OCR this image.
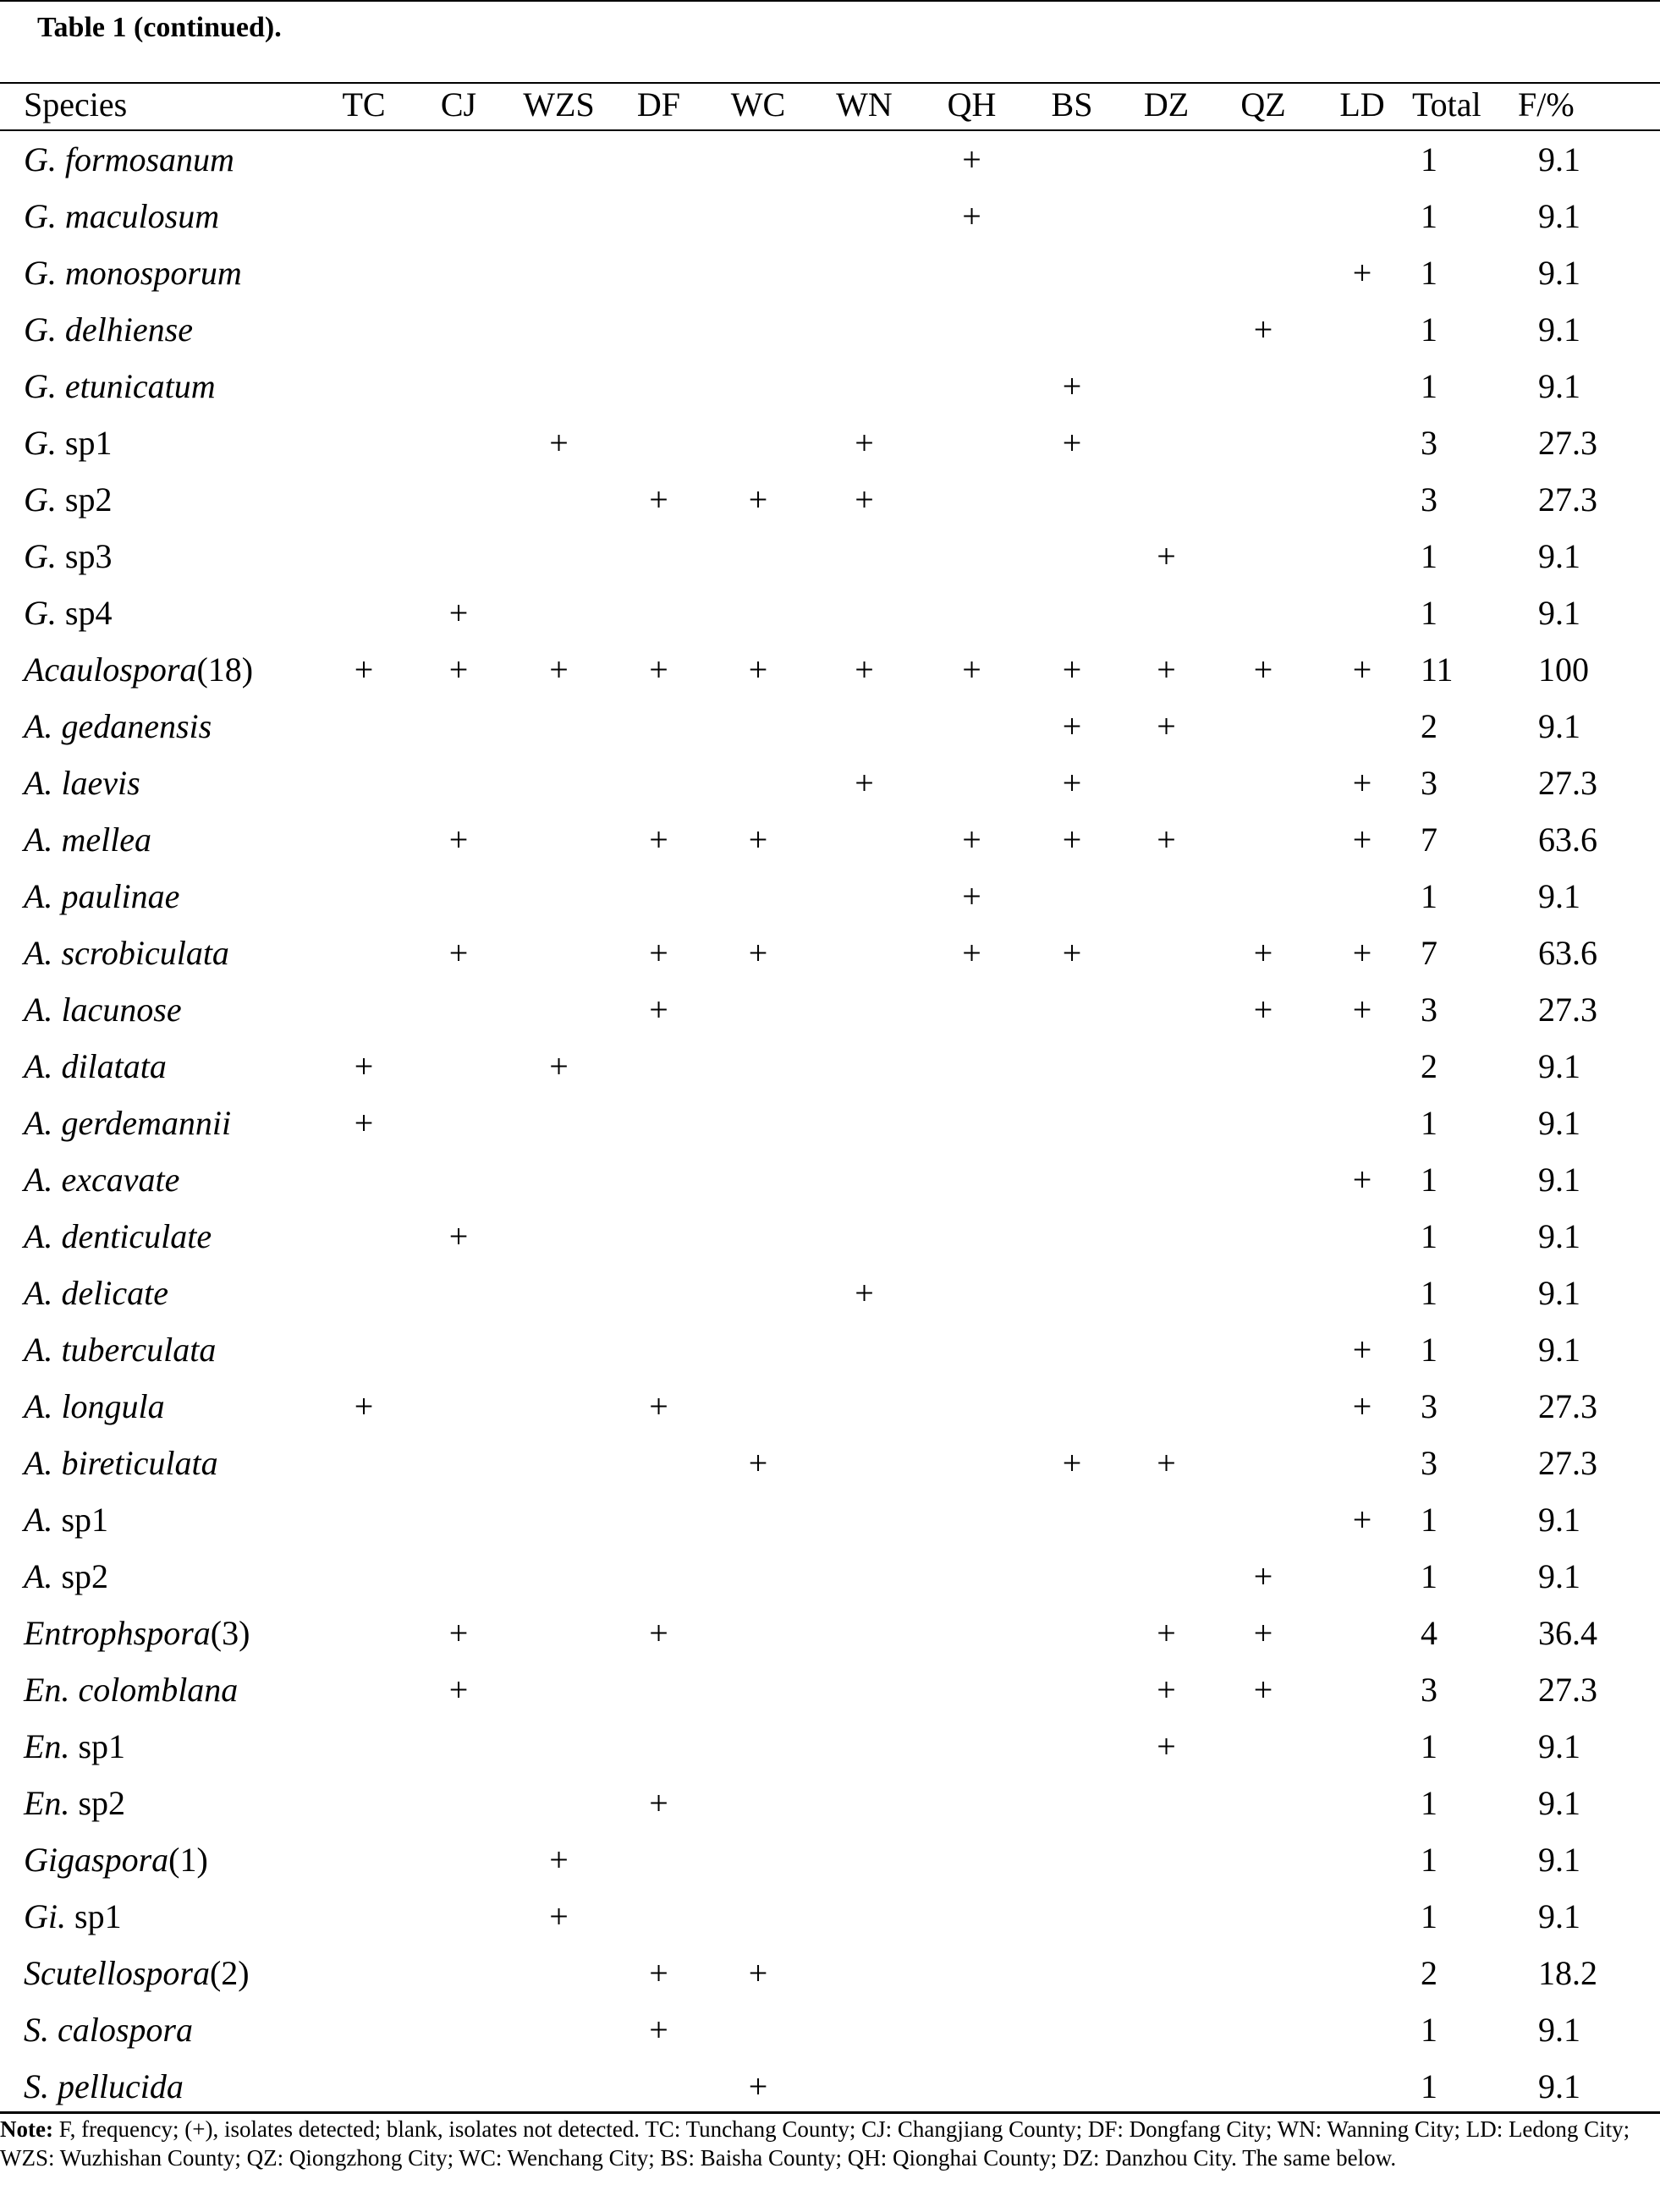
Table 1 (continued).
Species	TC	CJ	WZS	DF	WC	WN	QH	BS	DZ	QZ	LD	Total	F/%
G. formosanum							+					1	9.1
G. maculosum							+					1	9.1
G. monosporum											+	1	9.1
G. delhiense										+		1	9.1
G. etunicatum								+				1	9.1
G. sp1			+			+		+				3	27.3
G. sp2				+	+	+						3	27.3
G. sp3									+			1	9.1
G. sp4		+										1	9.1
Acaulospora(18)	+	+	+	+	+	+	+	+	+	+	+	11	100
A. gedanensis								+	+			2	9.1
A. laevis						+		+			+	3	27.3
A. mellea		+		+	+		+	+	+		+	7	63.6
A. paulinae							+					1	9.1
A. scrobiculata		+		+	+		+	+		+	+	7	63.6
A. lacunose				+						+	+	3	27.3
A. dilatata	+		+									2	9.1
A. gerdemannii	+											1	9.1
A. excavate											+	1	9.1
A. denticulate		+										1	9.1
A. delicate						+						1	9.1
A. tuberculata											+	1	9.1
A. longula	+			+							+	3	27.3
A. bireticulata					+			+	+			3	27.3
A. sp1											+	1	9.1
A. sp2										+		1	9.1
Entrophspora(3)		+		+					+	+		4	36.4
En. colomblana		+							+	+		3	27.3
En. sp1									+			1	9.1
En. sp2				+								1	9.1
Gigaspora(1)			+									1	9.1
Gi. sp1			+									1	9.1
Scutellospora(2)				+	+							2	18.2
S. calospora				+								1	9.1
S. pellucida					+							1	9.1
Note: F, frequency; (+), isolates detected; blank, isolates not detected. TC: Tunchang County; CJ: Changjiang County; DF: Dongfang City; WN: Wanning City; LD: Ledong City; WZS: Wuzhishan County; QZ: Qiongzhong City; WC: Wenchang City; BS: Baisha County; QH: Qionghai County; DZ: Danzhou City. The same below.
